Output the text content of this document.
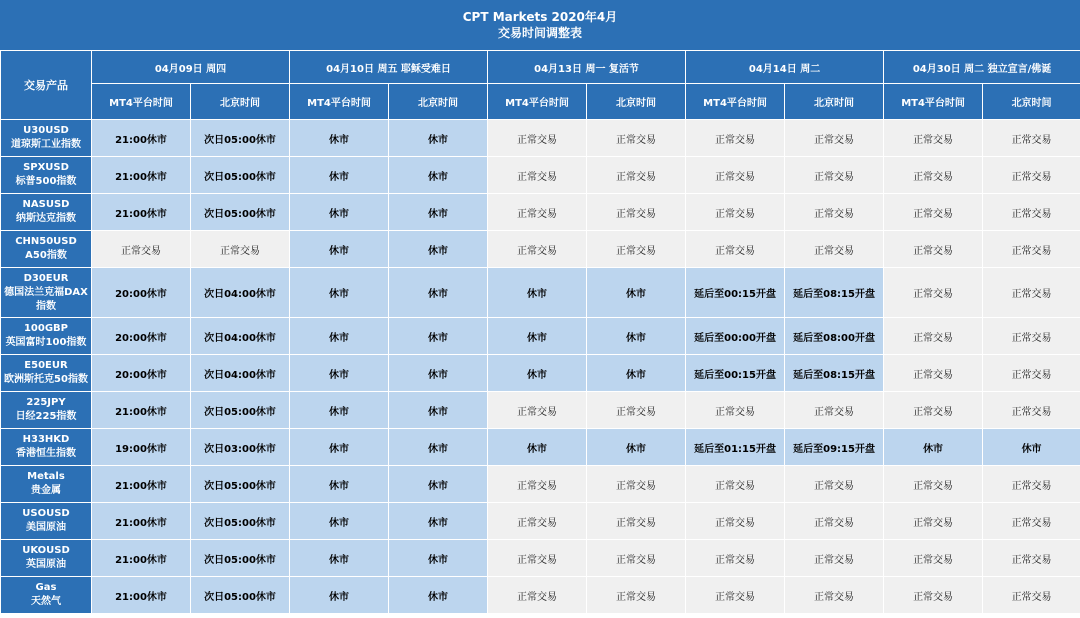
CPT Markets 2020年4月
交易时间调整表
交易产品	04月09日 周四		04月10日 周五 耶稣受难日		04月13日 周一 复活节		04月14日 周二		04月30日 周二 独立宣言/佛诞	
	MT4平台时间	北京时间	MT4平台时间	北京时间	MT4平台时间	北京时间	MT4平台时间	北京时间	MT4平台时间	北京时间

U30USD
道琼斯工业指数	21:00休市	次日05:00休市	休市	休市	正常交易	正常交易	正常交易	正常交易	正常交易	正常交易

SPXUSD
标普500指数	21:00休市	次日05:00休市	休市	休市	正常交易	正常交易	正常交易	正常交易	正常交易	正常交易

NASUSD
纳斯达克指数	21:00休市	次日05:00休市	休市	休市	正常交易	正常交易	正常交易	正常交易	正常交易	正常交易

CHN50USD
A50指数	正常交易	正常交易	休市	休市	正常交易	正常交易	正常交易	正常交易	正常交易	正常交易

D30EUR
德国法兰克福DAX
指数	20:00休市	次日04:00休市	休市	休市	休市	休市	延后至00:15开盘	延后至08:15开盘	正常交易	正常交易

100GBP
英国富时100指数	20:00休市	次日04:00休市	休市	休市	休市	休市	延后至00:00开盘	延后至08:00开盘	正常交易	正常交易

E50EUR
欧洲斯托克50指数	20:00休市	次日04:00休市	休市	休市	休市	休市	延后至00:15开盘	延后至08:15开盘	正常交易	正常交易

225JPY
日经225指数	21:00休市	次日05:00休市	休市	休市	正常交易	正常交易	正常交易	正常交易	正常交易	正常交易

H33HKD
香港恒生指数	19:00休市	次日03:00休市	休市	休市	休市	休市	延后至01:15开盘	延后至09:15开盘	休市	休市

Metals
贵金属	21:00休市	次日05:00休市	休市	休市	正常交易	正常交易	正常交易	正常交易	正常交易	正常交易

USOUSD
美国原油	21:00休市	次日05:00休市	休市	休市	正常交易	正常交易	正常交易	正常交易	正常交易	正常交易

UKOUSD
英国原油	21:00休市	次日05:00休市	休市	休市	正常交易	正常交易	正常交易	正常交易	正常交易	正常交易

Gas
天然气	21:00休市	次日05:00休市	休市	休市	正常交易	正常交易	正常交易	正常交易	正常交易	正常交易
